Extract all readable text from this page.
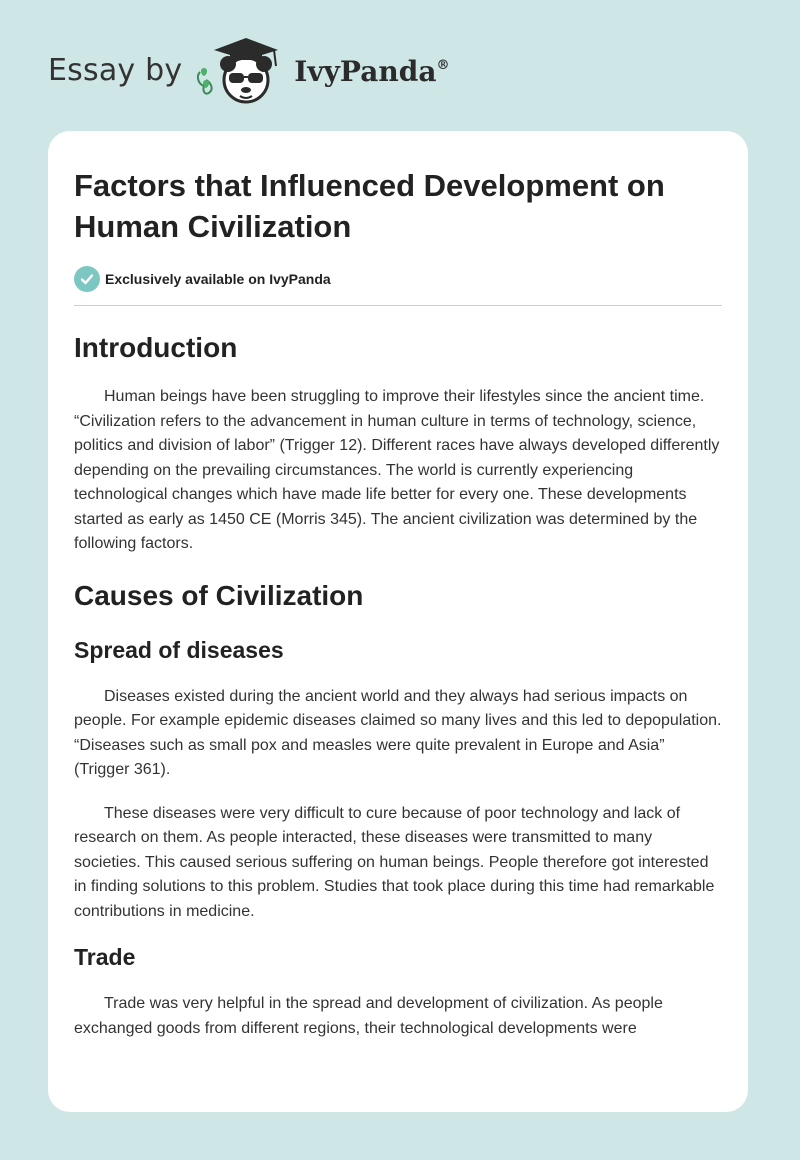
Essay by	IvyPanda®
Factors that Influenced Development on Human Civilization
Exclusively available on IvyPanda
Introduction

Human beings have been struggling to improve their lifestyles since the ancient time. “Civilization refers to the advancement in human culture in terms of technology, science, politics and division of labor” (Trigger 12). Different races have always developed differently depending on the prevailing circumstances. The world is currently experiencing technological changes which have made life better for every one. These developments started as early as 1450 CE (Morris 345). The ancient civilization was determined by the following factors.

Causes of Civilization
Spread of diseases

Diseases existed during the ancient world and they always had serious impacts on people. For example epidemic diseases claimed so many lives and this led to depopulation. “Diseases such as small pox and measles were quite prevalent in Europe and Asia” (Trigger 361).

These diseases were very difficult to cure because of poor technology and lack of research on them. As people interacted, these diseases were transmitted to many societies. This caused serious suffering on human beings. People therefore got interested in finding solutions to this problem. Studies that took place during this time had remarkable contributions in medicine.

Trade

Trade was very helpful in the spread and development of civilization. As people exchanged goods from different regions, their technological developments were
